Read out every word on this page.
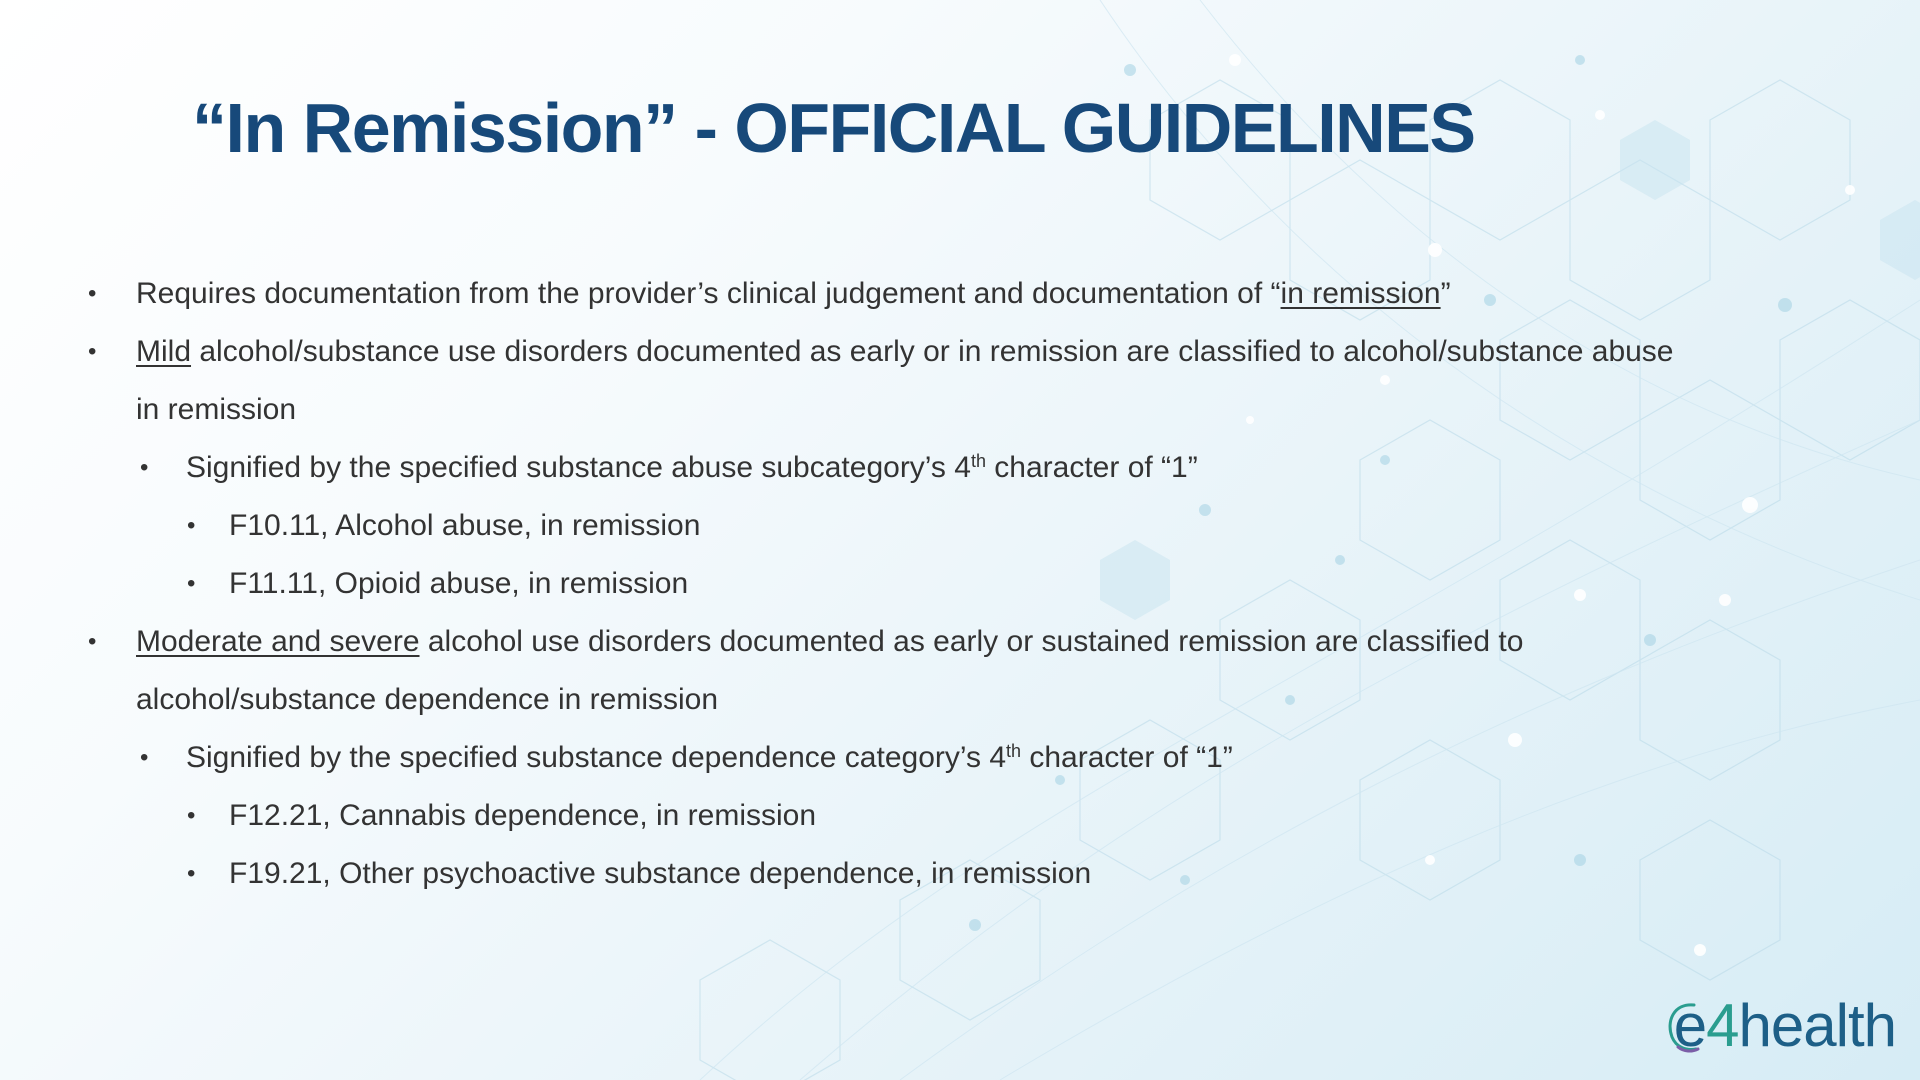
“In Remission” - OFFICIAL GUIDELINES
• Requires documentation from the provider’s clinical judgement and documentation of “in remission”
• Mild alcohol/substance use disorders documented as early or in remission are classified to alcohol/substance abuse
in remission
• Signified by the specified substance abuse subcategory’s 4th character of “1”
• F10.11, Alcohol abuse, in remission
• F11.11, Opioid abuse, in remission
• Moderate and severe alcohol use disorders documented as early or sustained remission are classified to
alcohol/substance dependence in remission
• Signified by the specified substance dependence category’s 4th character of “1”
• F12.21, Cannabis dependence, in remission
• F19.21, Other psychoactive substance dependence, in remission
e4health
